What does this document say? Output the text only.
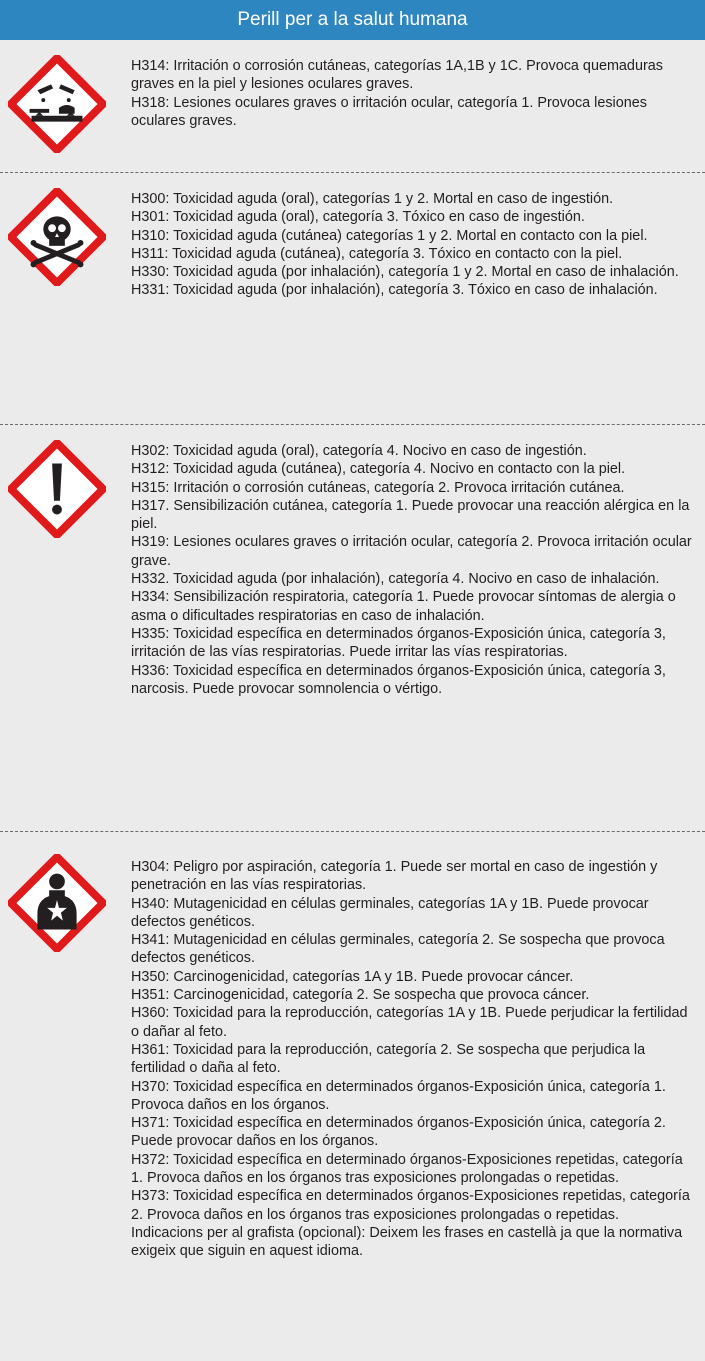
Perill per a la salut humana
H314: Irritación o corrosión cutáneas, categorías 1A,1B y 1C. Provoca quemaduras graves en la piel y lesiones oculares graves.
H318: Lesiones oculares graves o irritación ocular, categoría 1. Provoca lesiones oculares graves.
H300: Toxicidad aguda (oral), categorías 1 y 2. Mortal en caso de ingestión.
H301: Toxicidad aguda (oral), categoría 3. Tóxico en caso de ingestión.
H310: Toxicidad aguda (cutánea) categorías 1 y 2. Mortal en contacto con la piel.
H311: Toxicidad aguda (cutánea), categoría 3. Tóxico en contacto con la piel.
H330: Toxicidad aguda (por inhalación), categoría 1 y 2. Mortal en caso de inhalación.
H331: Toxicidad aguda (por inhalación), categoría 3. Tóxico en caso de inhalación.
H302: Toxicidad aguda (oral), categoría 4. Nocivo en caso de ingestión.
H312: Toxicidad aguda (cutánea), categoría 4. Nocivo en contacto con la piel.
H315: Irritación o corrosión cutáneas, categoría 2. Provoca irritación cutánea.
H317. Sensibilización cutánea, categoría 1. Puede provocar una reacción alérgica en la piel.
H319: Lesiones oculares graves o irritación ocular, categoría 2. Provoca irritación ocular grave.
H332. Toxicidad aguda (por inhalación), categoría 4. Nocivo en caso de inhalación.
H334: Sensibilización respiratoria, categoría 1. Puede provocar síntomas de alergia o asma o dificultades respiratorias en caso de inhalación.
H335: Toxicidad específica en determinados órganos-Exposición única, categoría 3, irritación de las vías respiratorias. Puede irritar las vías respiratorias.
H336: Toxicidad específica en determinados órganos-Exposición única, categoría 3, narcosis. Puede provocar somnolencia o vértigo.
H304: Peligro por aspiración, categoría 1. Puede ser mortal en caso de ingestión y penetración en las vías respiratorias.
H340: Mutagenicidad en células germinales, categorías 1A y 1B. Puede provocar defectos genéticos.
H341: Mutagenicidad en células germinales, categoría 2. Se sospecha que provoca defectos genéticos.
H350: Carcinogenicidad, categorías 1A y 1B. Puede provocar cáncer.
H351: Carcinogenicidad, categoría 2. Se sospecha que provoca cáncer.
H360: Toxicidad para la reproducción, categorías 1A y 1B. Puede perjudicar la fertilidad o dañar al feto.
H361: Toxicidad para la reproducción, categoría 2. Se sospecha que perjudica la fertilidad o daña al feto.
H370: Toxicidad específica en determinados órganos-Exposición única, categoría 1. Provoca daños en los órganos.
H371: Toxicidad específica en determinados órganos-Exposición única, categoría 2. Puede provocar daños en los órganos.
H372: Toxicidad específica en determinado órganos-Exposiciones repetidas, categoría 1. Provoca daños en los órganos tras exposiciones prolongadas o repetidas.
H373: Toxicidad específica en determinados órganos-Exposiciones repetidas, categoría 2. Provoca daños en los órganos tras exposiciones prolongadas o repetidas.
Indicacions per al grafista (opcional): Deixem les frases en castellà ja que la normativa exigeix que siguin en aquest idioma.
